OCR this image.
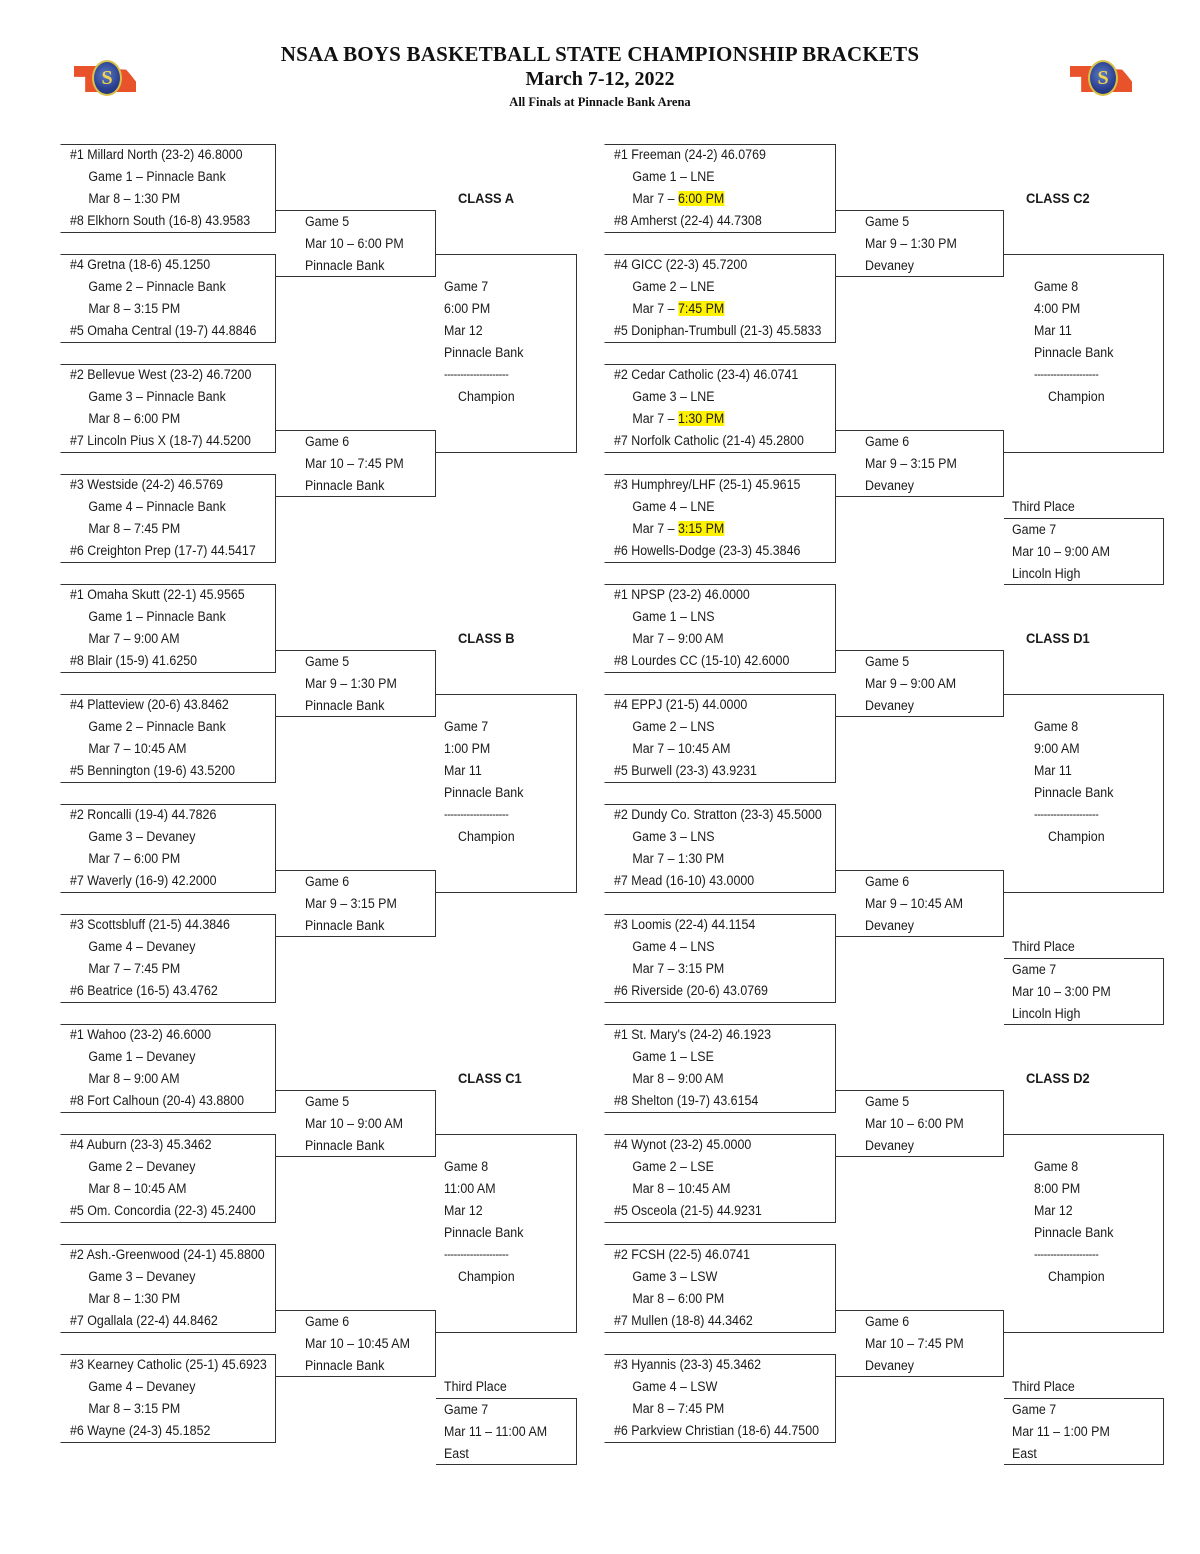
S	S
NSAA BOYS BASKETBALL STATE CHAMPIONSHIP BRACKETS
March 7-12, 2022
All Finals at Pinnacle Bank Arena
CLASS A
#1 Millard North (23-2) 46.8000
Game 1 – Pinnacle Bank
Mar 8 – 1:30 PM
#8 Elkhorn South (16-8) 43.9583
#4 Gretna (18-6) 45.1250
Game 2 – Pinnacle Bank
Mar 8 – 3:15 PM
#5 Omaha Central (19-7) 44.8846
#2 Bellevue West (23-2) 46.7200
Game 3 – Pinnacle Bank
Mar 8 – 6:00 PM
#7 Lincoln Pius X (18-7) 44.5200
#3 Westside (24-2) 46.5769
Game 4 – Pinnacle Bank
Mar 8 – 7:45 PM
#6 Creighton Prep (17-7) 44.5417
Game 5
Mar 10 – 6:00 PM
Pinnacle Bank
Game 6
Mar 10 – 7:45 PM
Pinnacle Bank
Game 7
6:00 PM
Mar 12
Pinnacle Bank
--------------------
Champion
CLASS C2
#1 Freeman (24-2) 46.0769
Game 1 – LNE
Mar 7 – 6:00 PM
#8 Amherst (22-4) 44.7308
#4 GICC (22-3) 45.7200
Game 2 – LNE
Mar 7 – 7:45 PM
#5 Doniphan-Trumbull (21-3) 45.5833
#2 Cedar Catholic (23-4) 46.0741
Game 3 – LNE
Mar 7 – 1:30 PM
#7 Norfolk Catholic (21-4) 45.2800
#3 Humphrey/LHF (25-1) 45.9615
Game 4 – LNE
Mar 7 – 3:15 PM
#6 Howells-Dodge (23-3) 45.3846
Game 5
Mar 9 – 1:30 PM
Devaney
Game 6
Mar 9 – 3:15 PM
Devaney
Game 8
4:00 PM
Mar 11
Pinnacle Bank
--------------------
Champion
Third Place
Game 7
Mar 10 – 9:00 AM
Lincoln High
CLASS B
#1 Omaha Skutt (22-1) 45.9565
Game 1 – Pinnacle Bank
Mar 7 – 9:00 AM
#8 Blair (15-9) 41.6250
#4 Platteview (20-6) 43.8462
Game 2 – Pinnacle Bank
Mar 7 – 10:45 AM
#5 Bennington (19-6) 43.5200
#2 Roncalli (19-4) 44.7826
Game 3 – Devaney
Mar 7 – 6:00 PM
#7 Waverly (16-9) 42.2000
#3 Scottsbluff (21-5) 44.3846
Game 4 – Devaney
Mar 7 – 7:45 PM
#6 Beatrice (16-5) 43.4762
Game 5
Mar 9 – 1:30 PM
Pinnacle Bank
Game 6
Mar 9 – 3:15 PM
Pinnacle Bank
Game 7
1:00 PM
Mar 11
Pinnacle Bank
--------------------
Champion
CLASS D1
#1 NPSP (23-2) 46.0000
Game 1 – LNS
Mar 7 – 9:00 AM
#8 Lourdes CC (15-10) 42.6000
#4 EPPJ (21-5) 44.0000
Game 2 – LNS
Mar 7 – 10:45 AM
#5 Burwell (23-3) 43.9231
#2 Dundy Co. Stratton (23-3) 45.5000
Game 3 – LNS
Mar 7 – 1:30 PM
#7 Mead (16-10) 43.0000
#3 Loomis (22-4) 44.1154
Game 4 – LNS
Mar 7 – 3:15 PM
#6 Riverside (20-6) 43.0769
Game 5
Mar 9 – 9:00 AM
Devaney
Game 6
Mar 9 – 10:45 AM
Devaney
Game 8
9:00 AM
Mar 11
Pinnacle Bank
--------------------
Champion
Third Place
Game 7
Mar 10 – 3:00 PM
Lincoln High
CLASS C1
#1 Wahoo (23-2) 46.6000
Game 1 – Devaney
Mar 8 – 9:00 AM
#8 Fort Calhoun (20-4) 43.8800
#4 Auburn (23-3) 45.3462
Game 2 – Devaney
Mar 8 – 10:45 AM
#5 Om. Concordia (22-3) 45.2400
#2 Ash.-Greenwood (24-1) 45.8800
Game 3 – Devaney
Mar 8 – 1:30 PM
#7 Ogallala (22-4) 44.8462
#3 Kearney Catholic (25-1) 45.6923
Game 4 – Devaney
Mar 8 – 3:15 PM
#6 Wayne (24-3) 45.1852
Game 5
Mar 10 – 9:00 AM
Pinnacle Bank
Game 6
Mar 10 – 10:45 AM
Pinnacle Bank
Game 8
11:00 AM
Mar 12
Pinnacle Bank
--------------------
Champion
Third Place
Game 7
Mar 11 – 11:00 AM
East
CLASS D2
#1 St. Mary's (24-2) 46.1923
Game 1 – LSE
Mar 8 – 9:00 AM
#8 Shelton (19-7) 43.6154
#4 Wynot (23-2) 45.0000
Game 2 – LSE
Mar 8 – 10:45 AM
#5 Osceola (21-5) 44.9231
#2 FCSH (22-5) 46.0741
Game 3 – LSW
Mar 8 – 6:00 PM
#7 Mullen (18-8) 44.3462
#3 Hyannis (23-3) 45.3462
Game 4 – LSW
Mar 8 – 7:45 PM
#6 Parkview Christian (18-6) 44.7500
Game 5
Mar 10 – 6:00 PM
Devaney
Game 6
Mar 10 – 7:45 PM
Devaney
Game 8
8:00 PM
Mar 12
Pinnacle Bank
--------------------
Champion
Third Place
Game 7
Mar 11 – 1:00 PM
East
